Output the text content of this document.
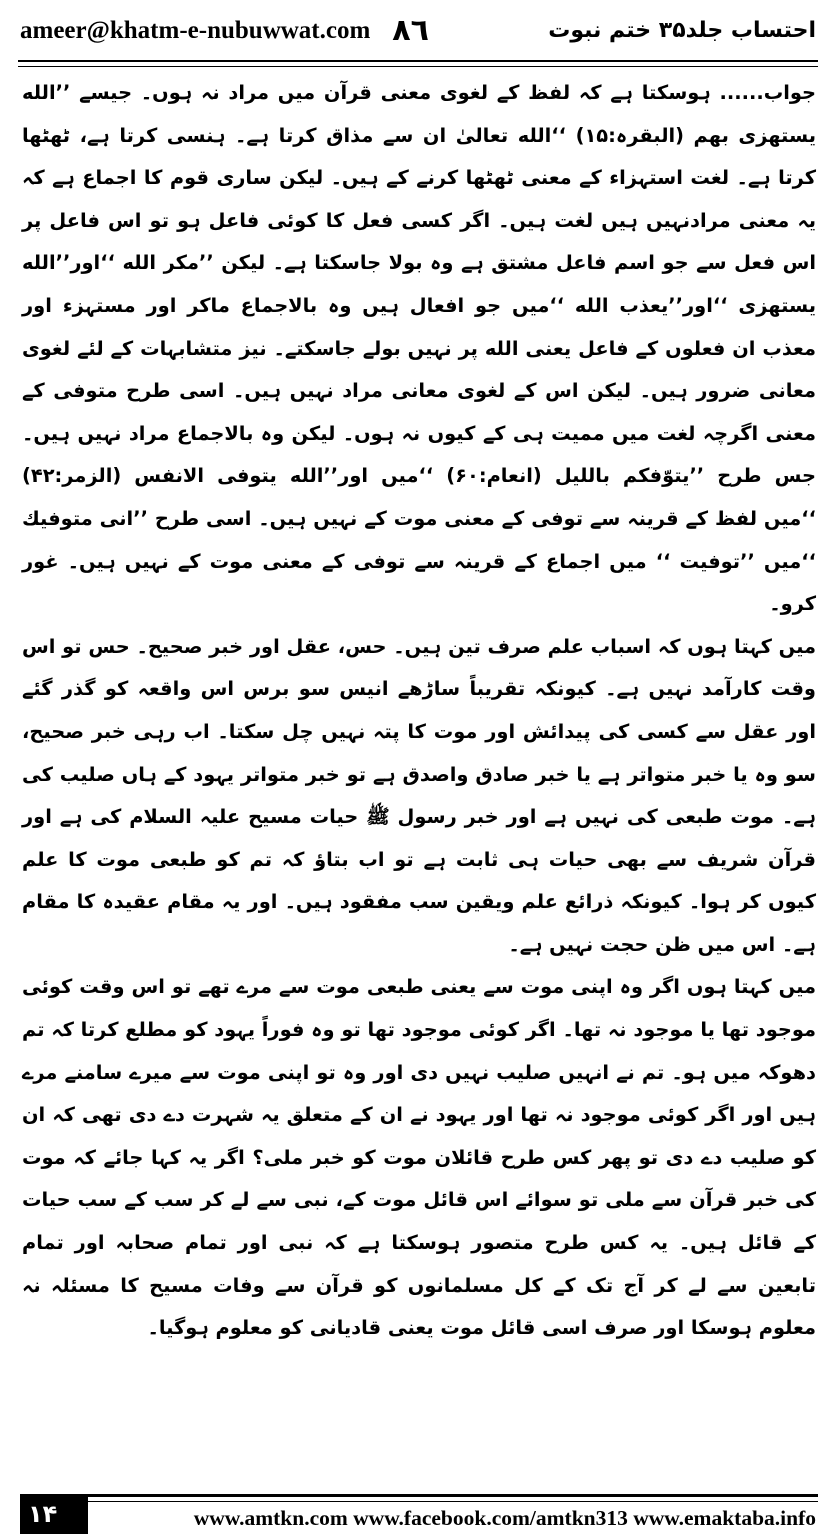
ameer@khatm-e-nubuwwat.com ٨٦	احتساب جلد۳۵ ختم نبوت

جواب...... ہوسکتا ہے کہ لفظ کے لغوی معنی قرآن میں مراد نہ ہوں۔ جیسے ’’الله یستهزی بهم (البقرہ:۱۵) ‘‘الله تعالیٰ ان سے مذاق کرتا ہے۔ ہنسی کرتا ہے، ٹھٹھا کرتا ہے۔ لغت استہزاء کے معنی ٹھٹھا کرنے کے ہیں۔ لیکن ساری قوم کا اجماع ہے کہ یہ معنی مرادنہیں ہیں لغت ہیں۔ اگر کسی فعل کا کوئی فاعل ہو تو اس فاعل پر اس فعل سے جو اسم فاعل مشتق ہے وہ بولا جاسکتا ہے۔ لیکن ’’مکر الله ‘‘اور’’الله یستهزی ‘‘اور’’یعذب الله ‘‘میں جو افعال ہیں وہ بالاجماع ماکر اور مستہزء اور معذب ان فعلوں کے فاعل یعنی الله پر نہیں بولے جاسکتے۔ نیز متشابہات کے لئے لغوی معانی ضرور ہیں۔ لیکن اس کے لغوی معانی مراد نہیں ہیں۔ اسی طرح متوفی کے معنی اگرچہ لغت میں ممیت ہی کے کیوں نہ ہوں۔ لیکن وہ بالاجماع مراد نہیں ہیں۔ جس طرح ’’یتوّفکم باللیل (انعام:۶۰) ‘‘میں اور’’الله یتوفی الانفس (الزمر:۴۲) ‘‘میں لفظ کے قرینہ سے توفی کے معنی موت کے نہیں ہیں۔ اسی طرح ’’انی متوفیك ‘‘میں ’’توفیت ‘‘ میں اجماع کے قرینہ سے توفی کے معنی موت کے نہیں ہیں۔ غور کرو۔

میں کہتا ہوں کہ اسباب علم صرف تین ہیں۔ حس، عقل اور خبر صحیح۔ حس تو اس وقت کارآمد نہیں ہے۔ کیونکہ تقریباً ساڑھے انیس سو برس اس واقعہ کو گذر گئے اور عقل سے کسی کی پیدائش اور موت کا پتہ نہیں چل سکتا۔ اب رہی خبر صحیح، سو وہ یا خبر متواتر ہے یا خبر صادق واصدق ہے تو خبر متواتر یہود کے ہاں صلیب کی ہے۔ موت طبعی کی نہیں ہے اور خبر رسول ﷺ حیات مسیح علیہ السلام کی ہے اور قرآن شریف سے بھی حیات ہی ثابت ہے تو اب بتاؤ کہ تم کو طبعی موت کا علم کیوں کر ہوا۔ کیونکہ ذرائع علم ویقین سب مفقود ہیں۔ اور یہ مقام عقیدہ کا مقام ہے۔ اس میں ظن حجت نہیں ہے۔

میں کہتا ہوں اگر وہ اپنی موت سے یعنی طبعی موت سے مرے تھے تو اس وقت کوئی موجود تھا یا موجود نہ تھا۔ اگر کوئی موجود تھا تو وہ فوراً یہود کو مطلع کرتا کہ تم دھوکہ میں ہو۔ تم نے انہیں صلیب نہیں دی اور وہ تو اپنی موت سے میرے سامنے مرے ہیں اور اگر کوئی موجود نہ تھا اور یہود نے ان کے متعلق یہ شہرت دے دی تھی کہ ان کو صلیب دے دی تو پھر کس طرح قائلان موت کو خبر ملی؟ اگر یہ کہا جائے کہ موت کی خبر قرآن سے ملی تو سوائے اس قائل موت کے، نبی سے لے کر سب کے سب حیات کے قائل ہیں۔ یہ کس طرح متصور ہوسکتا ہے کہ نبی اور تمام صحابہ اور تمام تابعین سے لے کر آج تک کے کل مسلمانوں کو قرآن سے وفات مسیح کا مسئلہ نہ معلوم ہوسکا اور صرف اسی قائل موت یعنی قادیانی کو معلوم ہوگیا۔

۱۴	www.amtkn.com www.facebook.com/amtkn313 www.emaktaba.info
